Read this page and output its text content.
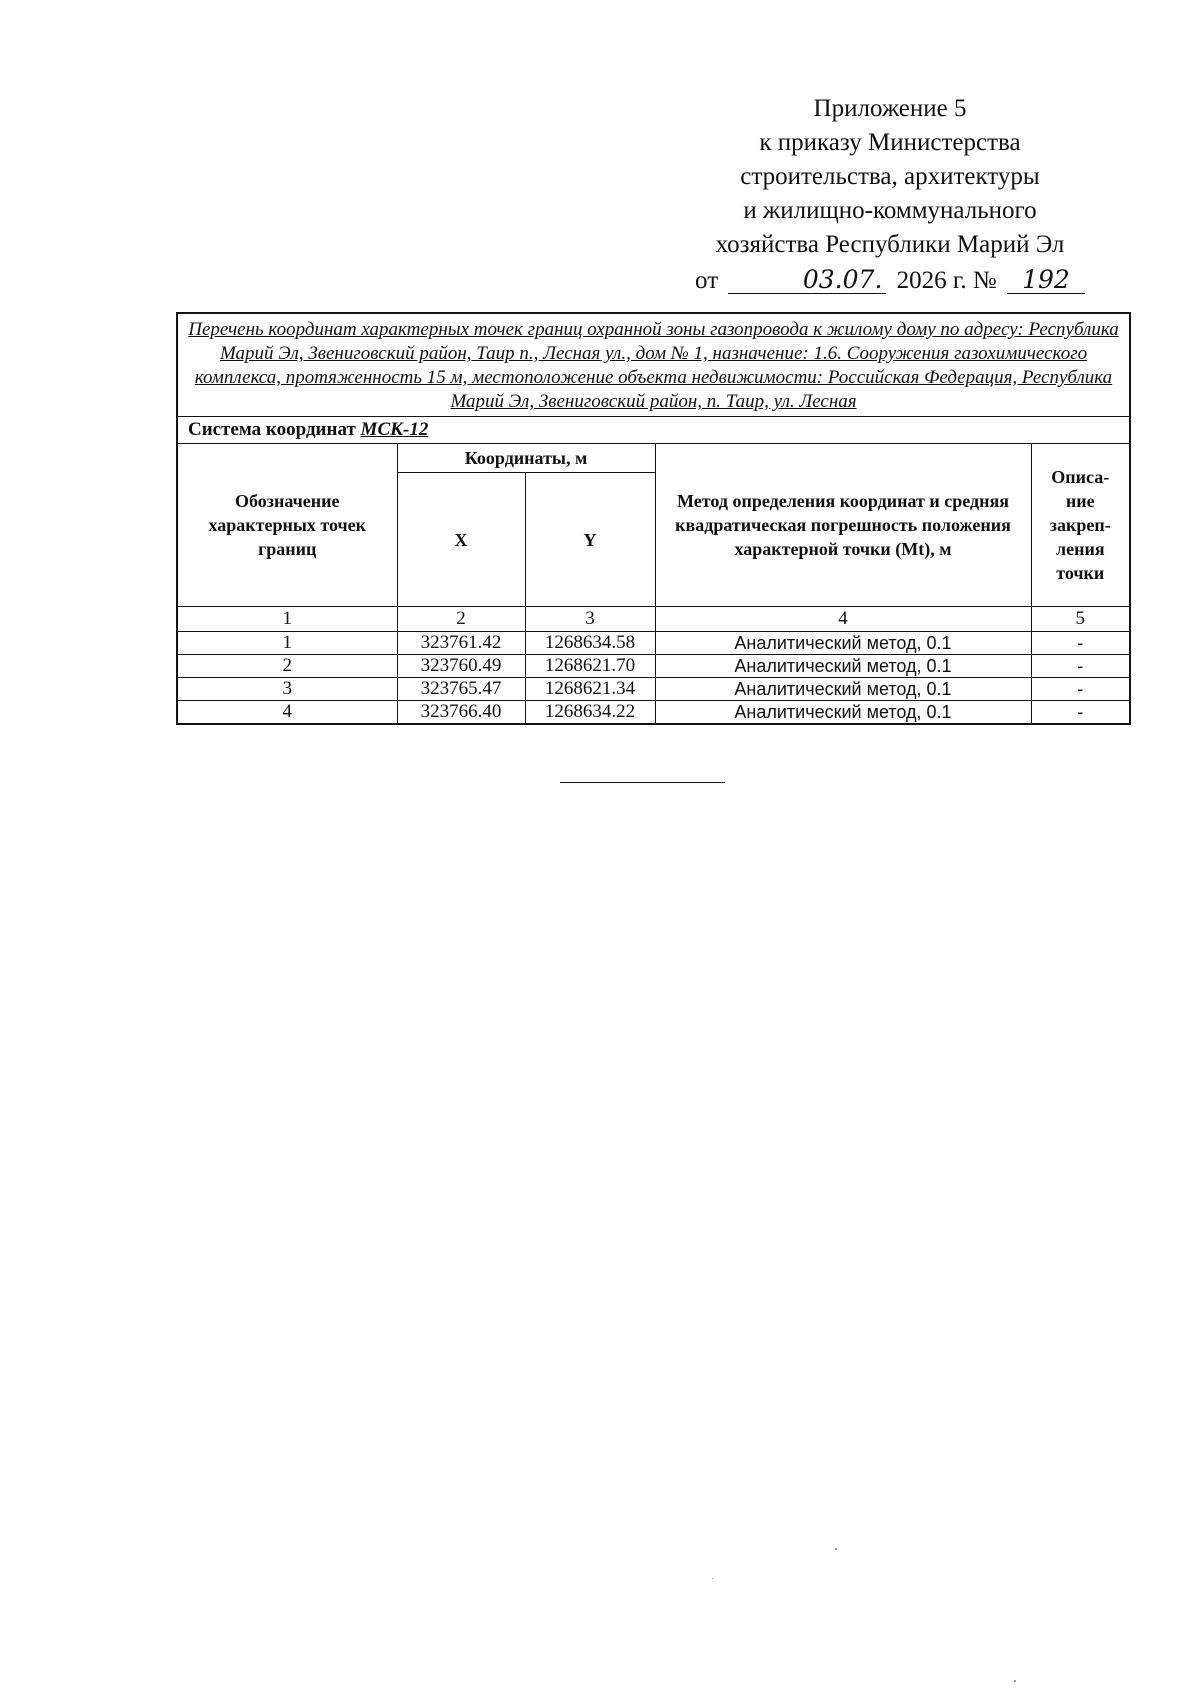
Приложение 5
к приказу Министерства
строительства, архитектуры
и жилищно-коммунального
хозяйства Республики Марий Эл
от	03.07. 2026 г. № 192
Перечень координат характерных точек границ охранной зоны газопровода к жилому дому по адресу: Республика Марий Эл, Звениговский район, Таир п., Лесная ул., дом № 1, назначение: 1.6. Сооружения газохимического комплекса, протяженность 15 м, местоположение объекта недвижимости: Российская Федерация, Республика Марий Эл, Звениговский район, п. Таир, ул. Лесная				
Система координат МСК-12				
Обозначение характерных точек границ	Координаты, м		Метод определения координат и средняя квадратическая погрешность положения характерной точки (Mt), м	Описа- ние закреп- ления точки
	X	Y		
1	2	3	4	5
1	323761.42	1268634.58	Аналитический метод, 0.1	-
2	323760.49	1268621.70	Аналитический метод, 0.1	-
3	323765.47	1268621.34	Аналитический метод, 0.1	-
4	323766.40	1268634.22	Аналитический метод, 0.1	-
